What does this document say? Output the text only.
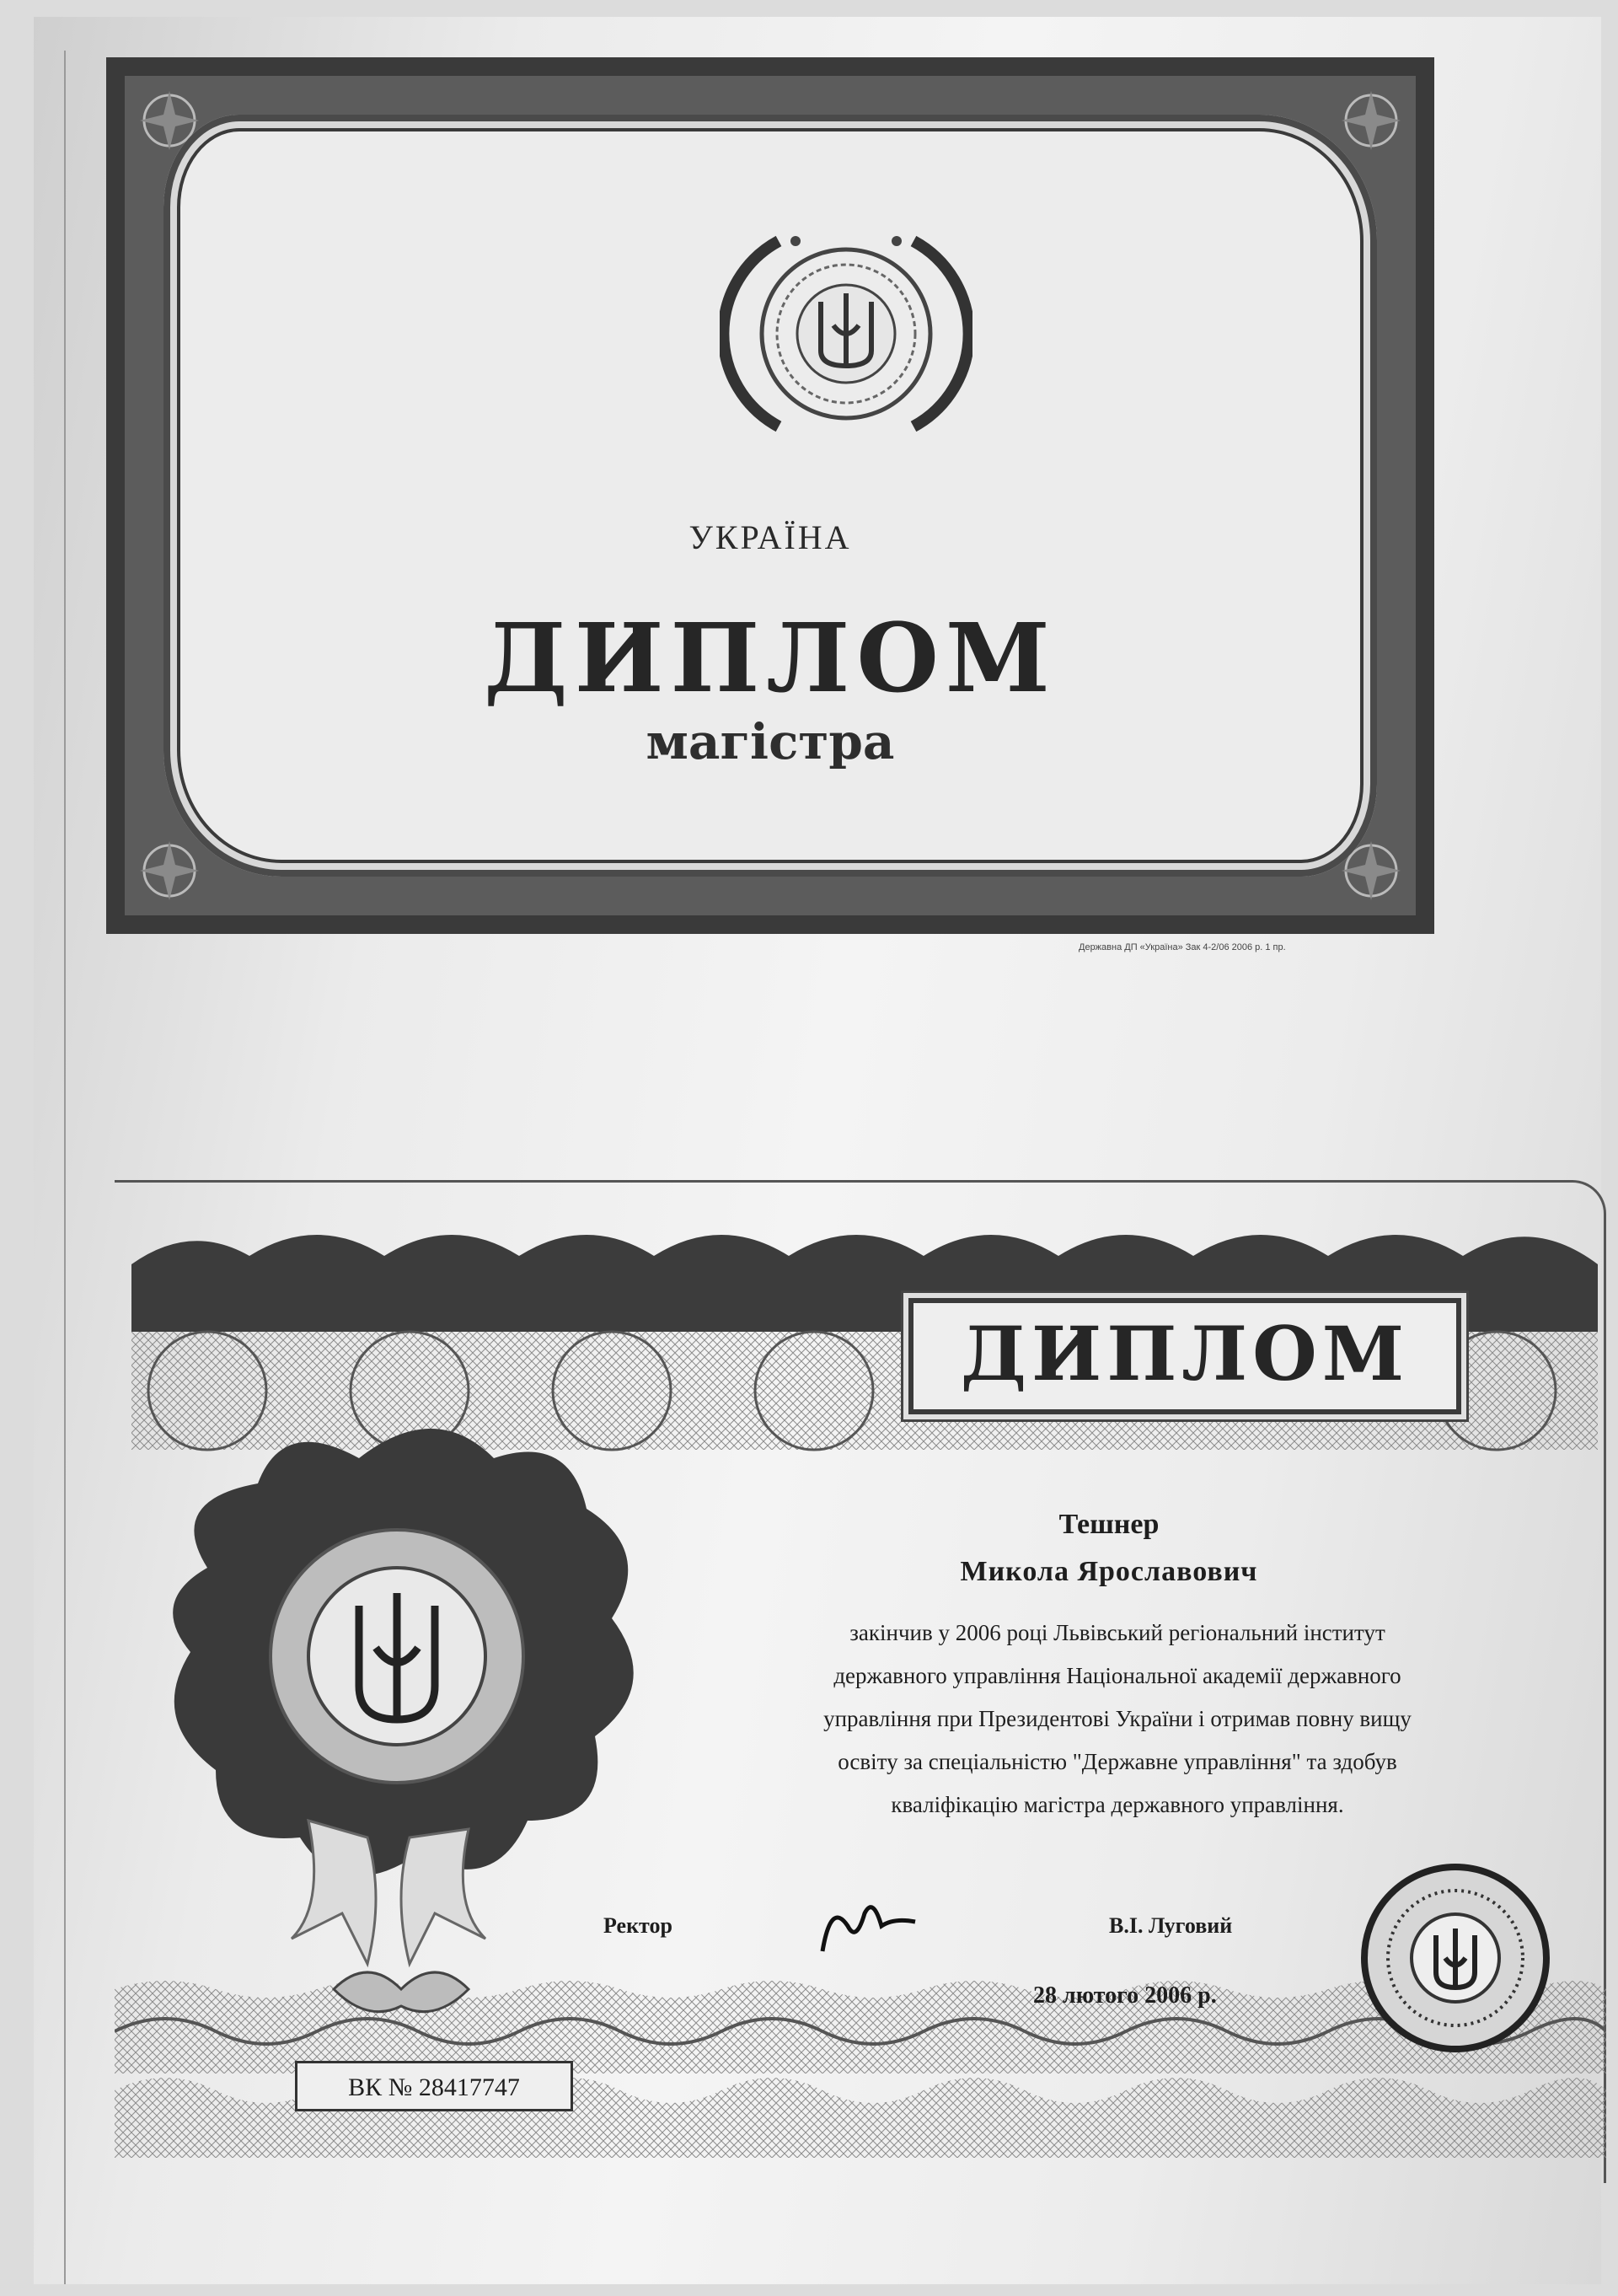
УКРАЇНА
ДИПЛОМ
магістра
Державна ДП «Україна» Зак 4-2/06 2006 р. 1 пр.
ДИПЛОМ
Тешнер
Микола Ярославович
закінчив у 2006 році Львівський регіональний інститут
державного управління Національної академії державного
управління при Президентові України і отримав повну вищу
освіту за спеціальністю "Державне управління" та здобув
кваліфікацію магістра державного управління.
Ректор	В.І. Луговий
28 лютого 2006 р.
ВК № 28417747
